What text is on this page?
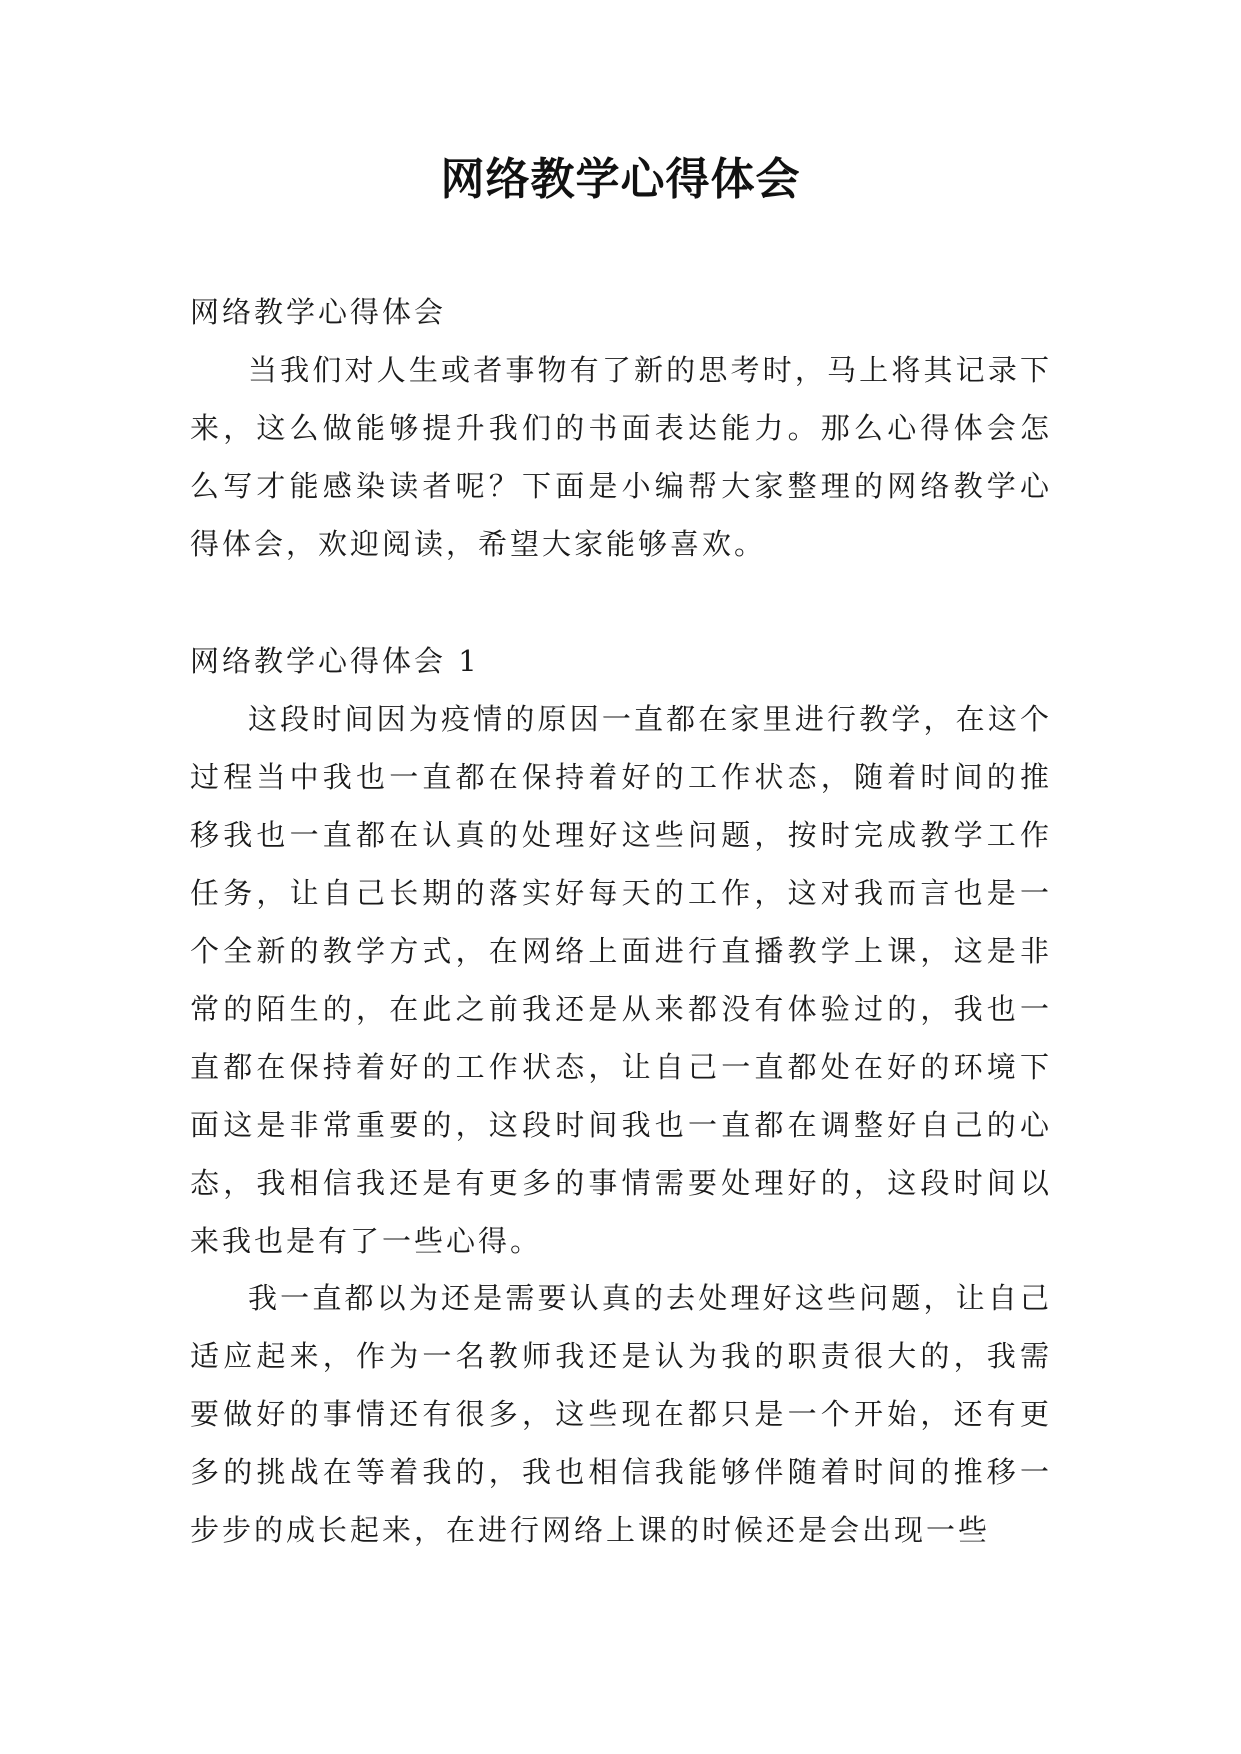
网络教学心得体会

网络教学心得体会

当我们对人生或者事物有了新的思考时，马上将其记录下来，这么做能够提升我们的书面表达能力。那么心得体会怎么写才能感染读者呢？下面是小编帮大家整理的网络教学心得体会，欢迎阅读，希望大家能够喜欢。

网络教学心得体会 1

这段时间因为疫情的原因一直都在家里进行教学，在这个过程当中我也一直都在保持着好的工作状态，随着时间的推移我也一直都在认真的处理好这些问题，按时完成教学工作任务，让自己长期的落实好每天的工作，这对我而言也是一个全新的教学方式，在网络上面进行直播教学上课，这是非常的陌生的，在此之前我还是从来都没有体验过的，我也一直都在保持着好的工作状态，让自己一直都处在好的环境下面这是非常重要的，这段时间我也一直都在调整好自己的心态，我相信我还是有更多的事情需要处理好的，这段时间以来我也是有了一些心得。

我一直都以为还是需要认真的去处理好这些问题，让自己适应起来，作为一名教师我还是认为我的职责很大的，我需要做好的事情还有很多，这些现在都只是一个开始，还有更多的挑战在等着我的，我也相信我能够伴随着时间的推移一步步的成长起来，在进行网络上课的时候还是会出现一些
